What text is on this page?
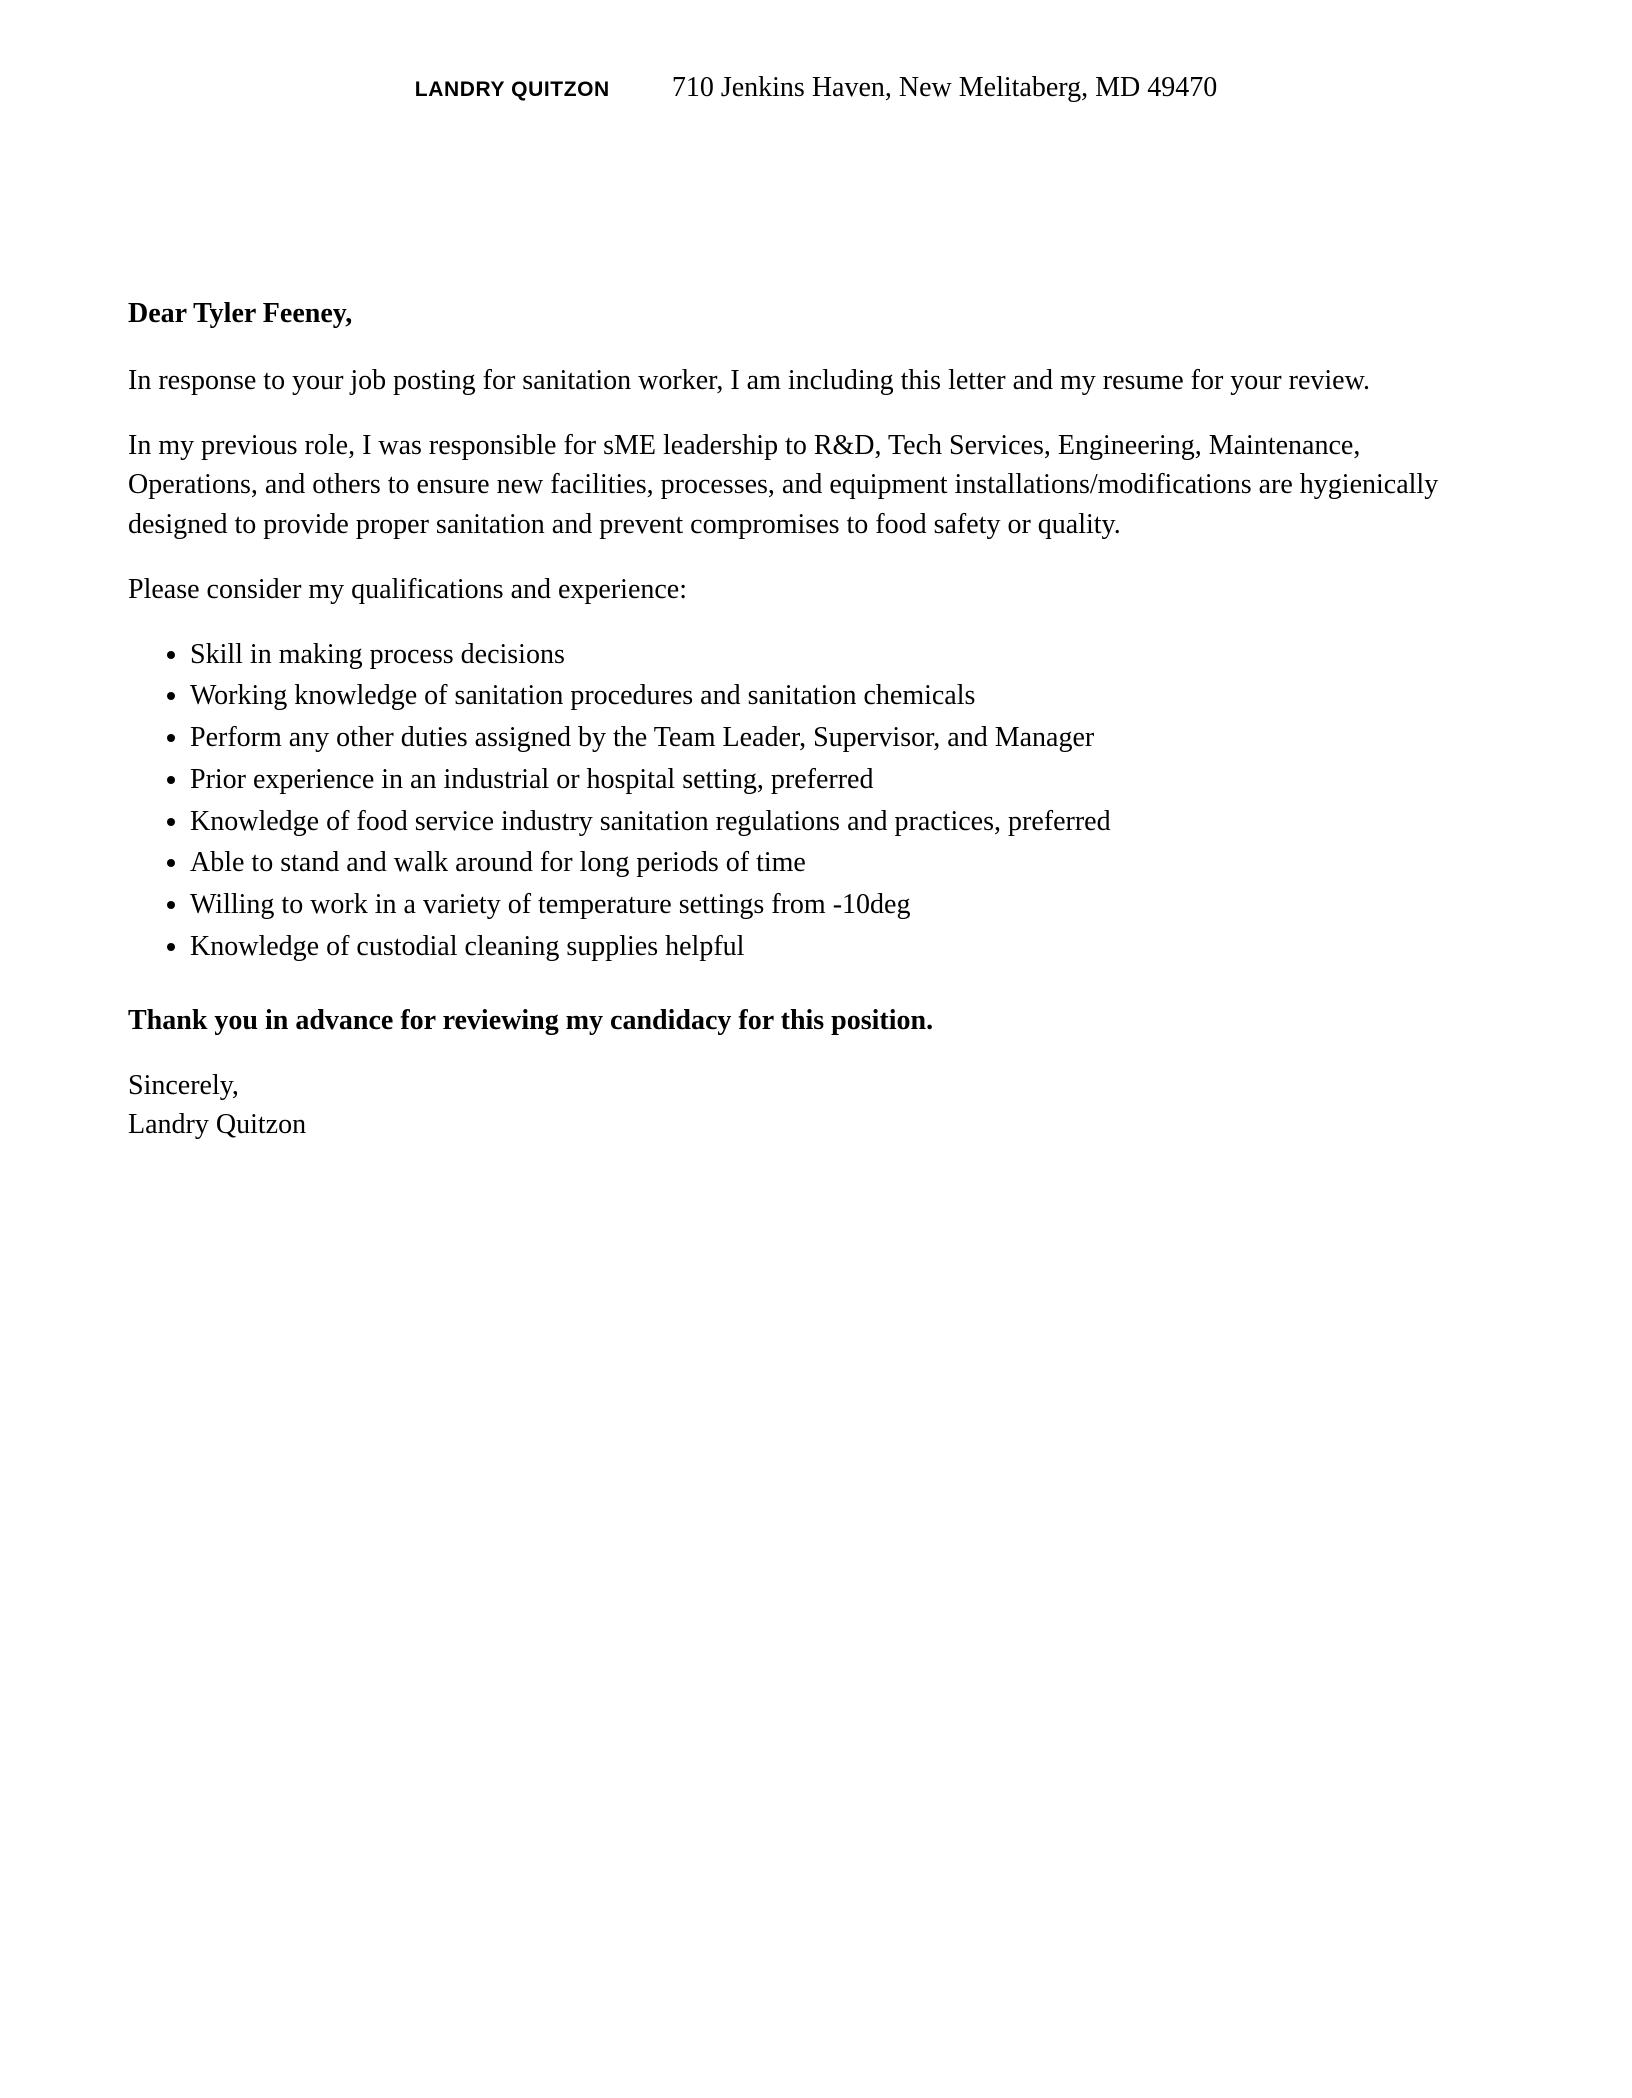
LANDRY QUITZON 710 Jenkins Haven, New Melitaberg, MD 49470

Dear Tyler Feeney,

In response to your job posting for sanitation worker, I am including this letter and my resume for your review.

In my previous role, I was responsible for sME leadership to R&D, Tech Services, Engineering, Maintenance, Operations, and others to ensure new facilities, processes, and equipment installations/modifications are hygienically designed to provide proper sanitation and prevent compromises to food safety or quality.

Please consider my qualifications and experience:

• Skill in making process decisions
• Working knowledge of sanitation procedures and sanitation chemicals
• Perform any other duties assigned by the Team Leader, Supervisor, and Manager
• Prior experience in an industrial or hospital setting, preferred
• Knowledge of food service industry sanitation regulations and practices, preferred
• Able to stand and walk around for long periods of time
• Willing to work in a variety of temperature settings from -10deg
• Knowledge of custodial cleaning supplies helpful

Thank you in advance for reviewing my candidacy for this position.

Sincerely,
Landry Quitzon
